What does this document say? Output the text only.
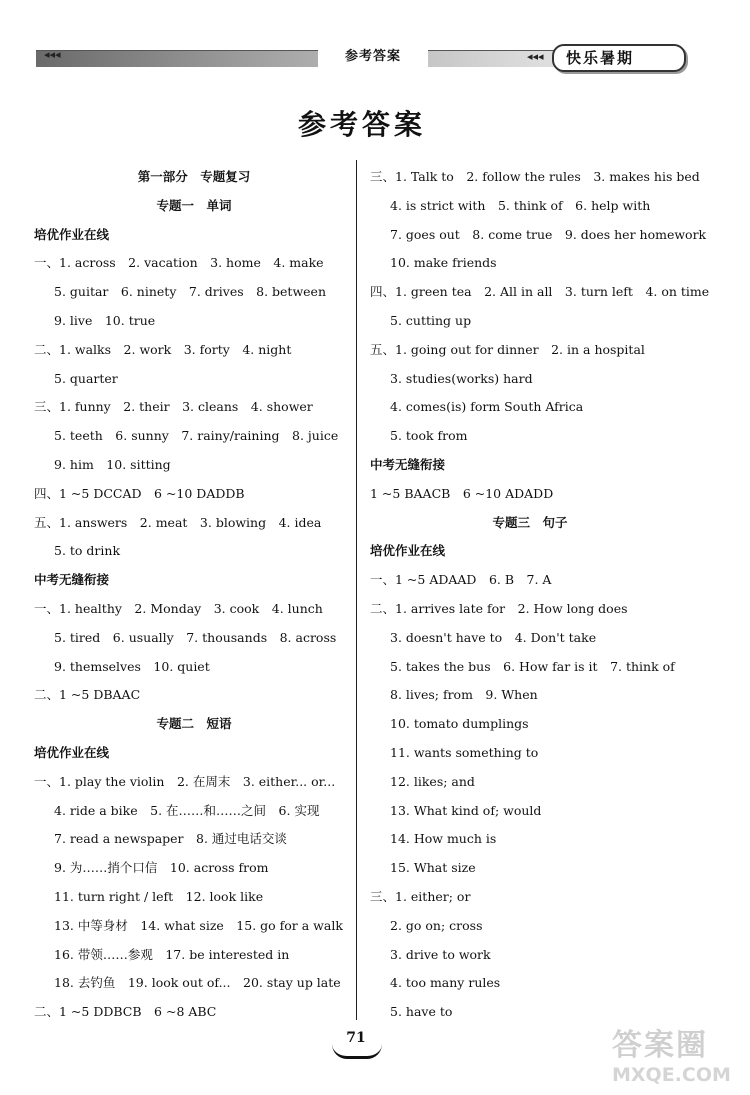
◂◂◂	参考答案	◂◂◂	快乐暑期
参考答案
第一部分　专题复习
专题一　单词
培优作业在线
一、1. across　2. vacation　3. home　4. make
5. guitar　6. ninety　7. drives　8. between
9. live　10. true
二、1. walks　2. work　3. forty　4. night
5. quarter
三、1. funny　2. their　3. cleans　4. shower
5. teeth　6. sunny　7. rainy/raining　8. juice
9. him　10. sitting
四、1 ~5 DCCAD　6 ~10 DADDB
五、1. answers　2. meat　3. blowing　4. idea
5. to drink
中考无缝衔接
一、1. healthy　2. Monday　3. cook　4. lunch
5. tired　6. usually　7. thousands　8. across
9. themselves　10. quiet
二、1 ~5 DBAAC
专题二　短语
培优作业在线
一、1. play the violin　2. 在周末　3. either... or...
4. ride a bike　5. 在……和……之间　6. 实现
7. read a newspaper　8. 通过电话交谈
9. 为……捎个口信　10. across from
11. turn right / left　12. look like
13. 中等身材　14. what size　15. go for a walk
16. 带领……参观　17. be interested in
18. 去钓鱼　19. look out of...　20. stay up late
二、1 ~5 DDBCB　6 ~8 ABC
三、1. Talk to　2. follow the rules　3. makes his bed
4. is strict with　5. think of　6. help with
7. goes out　8. come true　9. does her homework
10. make friends
四、1. green tea　2. All in all　3. turn left　4. on time
5. cutting up
五、1. going out for dinner　2. in a hospital
3. studies(works) hard
4. comes(is) form South Africa
5. took from
中考无缝衔接
1 ~5 BAACB　6 ~10 ADADD
专题三　句子
培优作业在线
一、1 ~5 ADAAD　6. B　7. A
二、1. arrives late for　2. How long does
3. doesn't have to　4. Don't take
5. takes the bus　6. How far is it　7. think of
8. lives; from　9. When
10. tomato dumplings
11. wants something to
12. likes; and
13. What kind of; would
14. How much is
15. What size
三、1. either; or
2. go on; cross
3. drive to work
4. too many rules
5. have to
71	答案圈
MXQE.COM
